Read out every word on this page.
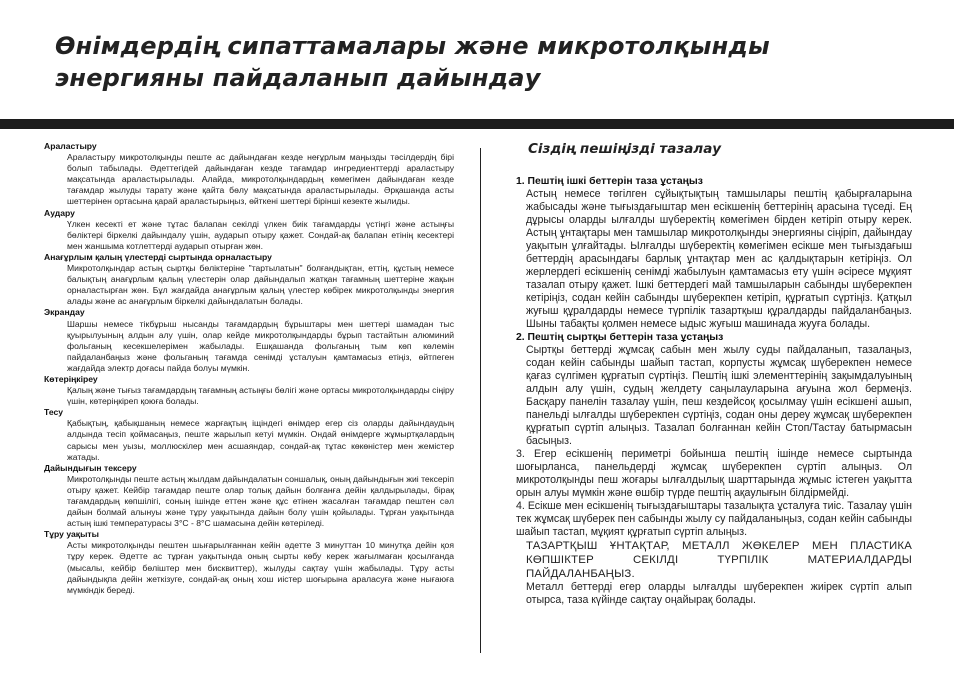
Өнімдердің сипаттамалары және микротолқынды
энергияны пайдаланып дайындау
Араластыру

Араластыру микротолқынды пеште ас дайындаған кезде неғұрлым маңызды тәсілдердің бірі болып табылады. Әдеттегідей дайындаған кезде тағамдар ингредиенттерді араластыру мақсатында араластырылады. Алайда, микротолқындардың көмегімен дайындаған кезде тағамдар жылуды тарату және қайта бөлу мақсатында араластырылады. Әрқашанда асты шеттерінен ортасына қарай араластырыңыз, өйткені шеттері бірінші кезекте жылиды.

Аудару

Үлкен кесекті ет және тұтас балапан секілді үлкен биік тағамдарды үстіңгі және астыңғы бөліктері біркелкі дайындалу үшін, аударып отыру қажет. Сондай-ақ балапан етінің кесектері мен жаншыма котлеттерді аударып отырған жөн.

Анағұрлым қалың үлестерді сыртында орналастыру

Микротолқындар астың сыртқы бөліктеріне "тартылатын" болғандықтан, еттің, құстың немесе балықтың анағұрлым қалың үлестерін олар дайындалып жатқан тағамның шеттеріне жақын орналастырған жөн. Бұл жағдайда анағұрлым қалың үлестер көбірек микротолқынды энергия алады және ас анағұрлым біркелкі дайындалатын болады.

Экрандау

Шаршы немесе тікбұрыш нысанды тағамдардың бұрыштары мен шеттері шамадан тыс қуырылуының алдын алу үшін, олар кейде микротолқындарды бұрып тастайтын алюминий фольганың кесекшелерімен жабылады. Ешқашанда фольганың тым көп көлемін пайдаланбаңыз және фольганың тағамда сенімді ұсталуын қамтамасыз етіңіз, өйтпеген жағдайда электр доғасы пайда болуы мүмкін.

Көтеріңкіреу

Қалың және тығыз тағамдардың тағамның астыңғы бөлігі және ортасы микротолқындарды сіңіру үшін, көтеріңкіреп қоюға болады.

Тесу

Қабықтың, қабықшаның немесе жарғақтың іщіндегі өнімдер егер сіз оларды дайындаудың алдында тесіп қоймасаңыз, пеште жарылып кетуі мүмкін. Ондай өнімдерге жұмыртқалардың сарысы мен уызы, моллюскілер мен асшаяндар, сондай-ақ тұтас көкөністер мен жемістер жатады.

Дайындығын тексеру

Микротолқынды пеште астың жылдам дайындалатын соншалық, оның дайындығын жиі тексеріп отыру қажет. Кейбір тағамдар пеште олар толық дайын болғанға дейін қалдырылады, бірақ тағамдардың көпшілігі, соның ішінде еттен және құс етінен жасалған тағамдар пештен сәл дайын болмай алынуы және тұру уақытында дайын болу үшін қойылады. Тұрған уақытында астың ішкі температурасы 3°С - 8°С шамасына дейін көтеріледі.

Тұру уақыты

Асты микротолқынды пештен шығарылғаннан кейін әдетте 3 минуттан 10 минутқа дейін қоя тұру керек. Әдетте ас тұрған уақытында оның сырты көбу керек жағылмаған қосылғанда (мысалы, кейбір бөліштер мен бисквиттер), жылуды сақтау үшін жабылады. Тұру асты дайындықпа дейін жеткізуге, сондай-ақ оның хош иістер шоғырына араласуға және нығаюға мүмкіндік береді.

Сіздің пешіңізді тазалау
1. Пештің ішкі беттерін таза ұстаңыз

Астың немесе төгілген сұйықтықтың тамшылары пештің қабырғаларына жабысады және тығыздағыштар мен есікшенің беттерінің арасына түседі. Ең дұрысы оларды ылғалды шүберектің көмегімен бірден кетіріп отыру керек. Астың ұнтақтары мен тамшылар микротолқынды энергияны сіңіріп, дайындау уақытын ұлғайтады. Ылғалды шүберектің көмегімен есікше мен тығыздағыш беттердің арасындағы барлық ұнтақтар мен ас қалдықтарын кетіріңіз. Ол жерлердегі есікшенің сенімді жабылуын қамтамасыз ету үшін әсіресе мұқият тазалап отыру қажет. Ішкі беттердегі май тамшыларын сабынды шүберекпен кетіріңіз, содан кейін сабынды шүберекпен кетіріп, құрғатып сүртіңіз. Қатқыл жуғыш құралдарды немесе түрпілік тазартқыш құралдарды пайдаланбаңыз. Шыны табақты қолмен немесе ыдыс жуғыш машинада жууға болады.

2. Пештің сыртқы беттерін таза ұстаңыз

Сыртқы беттерді жұмсақ сабын мен жылу суды пайдаланып, тазалаңыз, содан кейін сабынды шайып тастап, корпусты жұмсақ шүберекпен немесе қағаз сүлгімен құрғатып сүртіңіз. Пештің ішкі элементтерінің зақымдалуының алдын алу үшін, судың желдету саңылауларына ағуына жол бермеңіз. Басқару панелін тазалау үшін, пеш кездейсоқ қосылмау үшін есікшені ашып, панельді ылғалды шүберекпен сүртіңіз, содан оны дереу жұмсақ шүберекпен құрғатып сүртіп алыңыз. Тазалап болғаннан кейін Стоп/Тастау батырмасын басыңыз.

3. Егер есікшенің периметрі бойынша пештің ішінде немесе сыртында шоғырланса, панельдерді жұмсақ шүберекпен сүртіп алыңыз. Ол микротолқынды пеш жоғары ылғалдылық шарттарында жұмыс істеген уақытта орын алуы мүмкін және өшбір түрде пештің ақаулығын білдірмейді.
4. Есікше мен есікшенің тығыздағыштары тазалықта ұсталуға тиіс. Тазалау үшін тек жұмсақ шүберек пен сабынды жылу су пайдаланыңыз, содан кейін сабынды шайып тастап, мұқият құрғатып сүртіп алыңыз.

ТАЗАРТҚЫШ ҰНТАҚТАР, МЕТАЛЛ ЖӨКЕЛЕР МЕН ПЛАСТИКА КӨПШІКТЕР СЕКІЛДІ ТҮРПІЛІК МАТЕРИАЛДАРДЫ ПАЙДАЛАНБАҢЫЗ.

Металл беттерді егер оларды ылғалды шүберекпен жиірек сүртіп алып отырса, таза күйінде сақтау оңайырақ болады.
